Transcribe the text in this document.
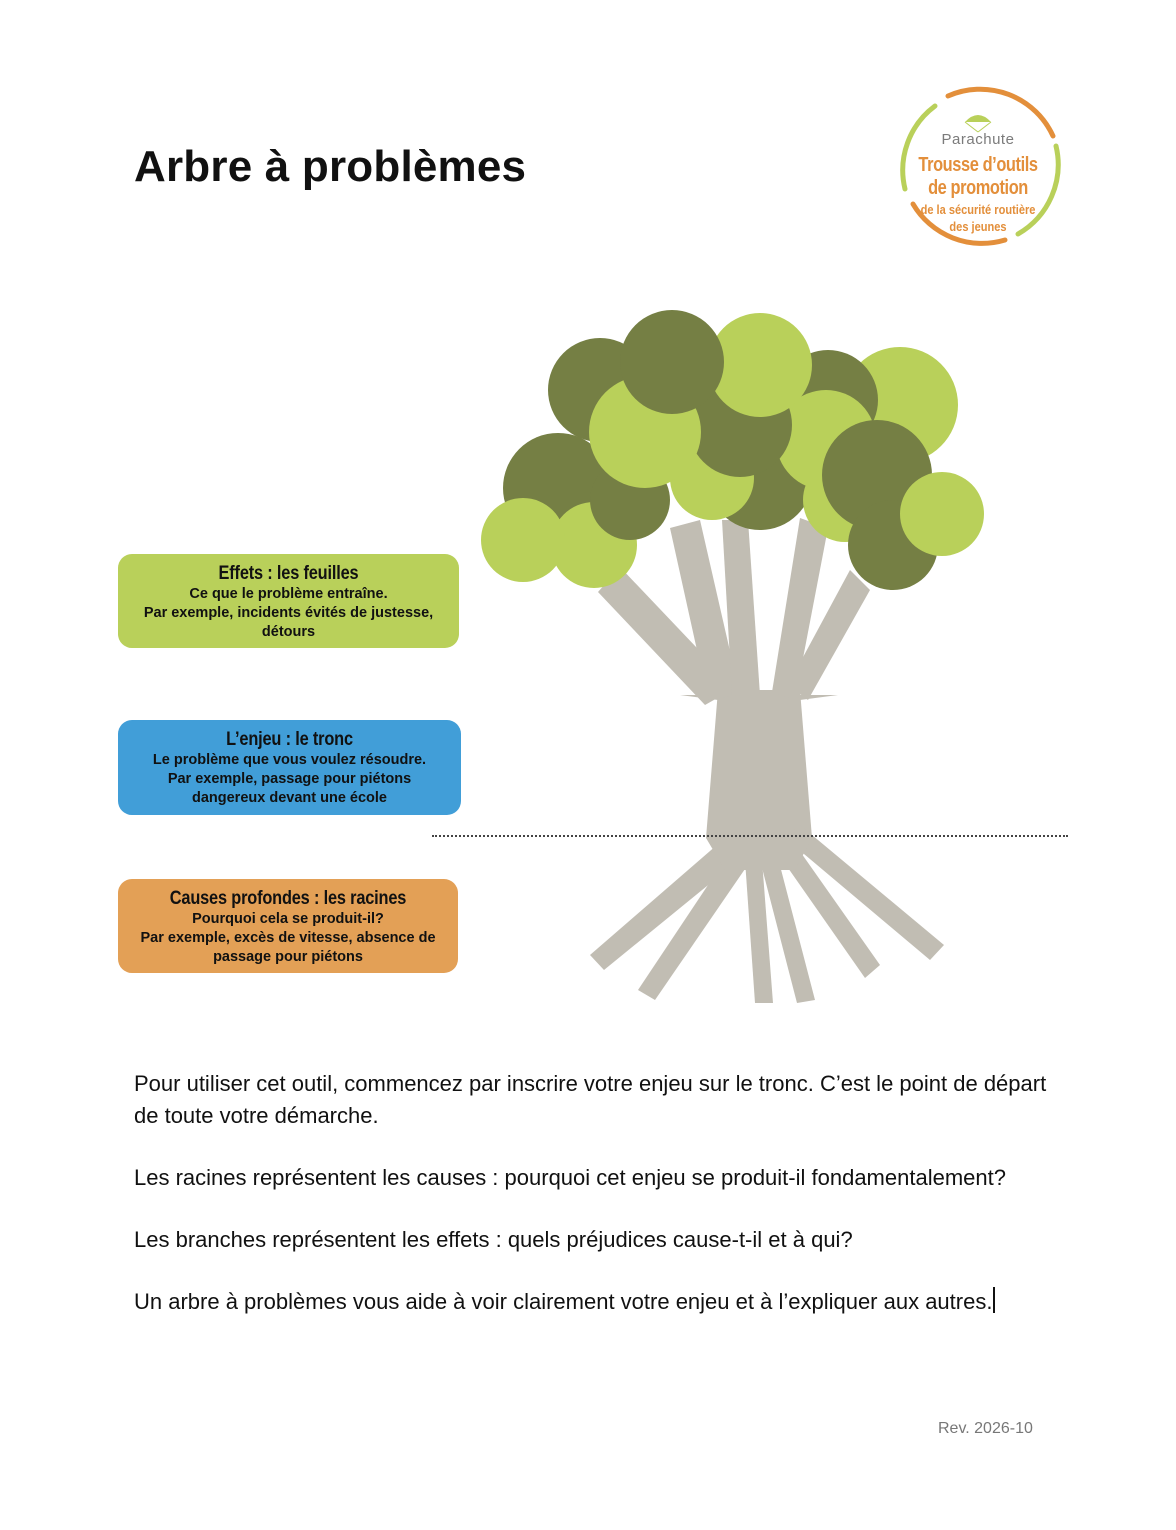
Arbre à problèmes
Parachute
Trousse d’outils
de promotion
de la sécurité routière
des jeunes
Effets : les feuilles
Ce que le problème entraîne.
Par exemple, incidents évités de justesse,
détours
L’enjeu : le tronc
Le problème que vous voulez résoudre.
Par exemple, passage pour piétons
dangereux devant une école
Causes profondes : les racines
Pourquoi cela se produit-il?
Par exemple, excès de vitesse, absence de
passage pour piétons

Pour utiliser cet outil, commencez par inscrire votre enjeu sur le tronc. C’est le point de départ de toute votre démarche.

Les racines représentent les causes : pourquoi cet enjeu se produit-il fondamentalement?

Les branches représentent les effets : quels préjudices cause-t-il et à qui?

Un arbre à problèmes vous aide à voir clairement votre enjeu et à l’expliquer aux autres.

Rev. 2026-10
